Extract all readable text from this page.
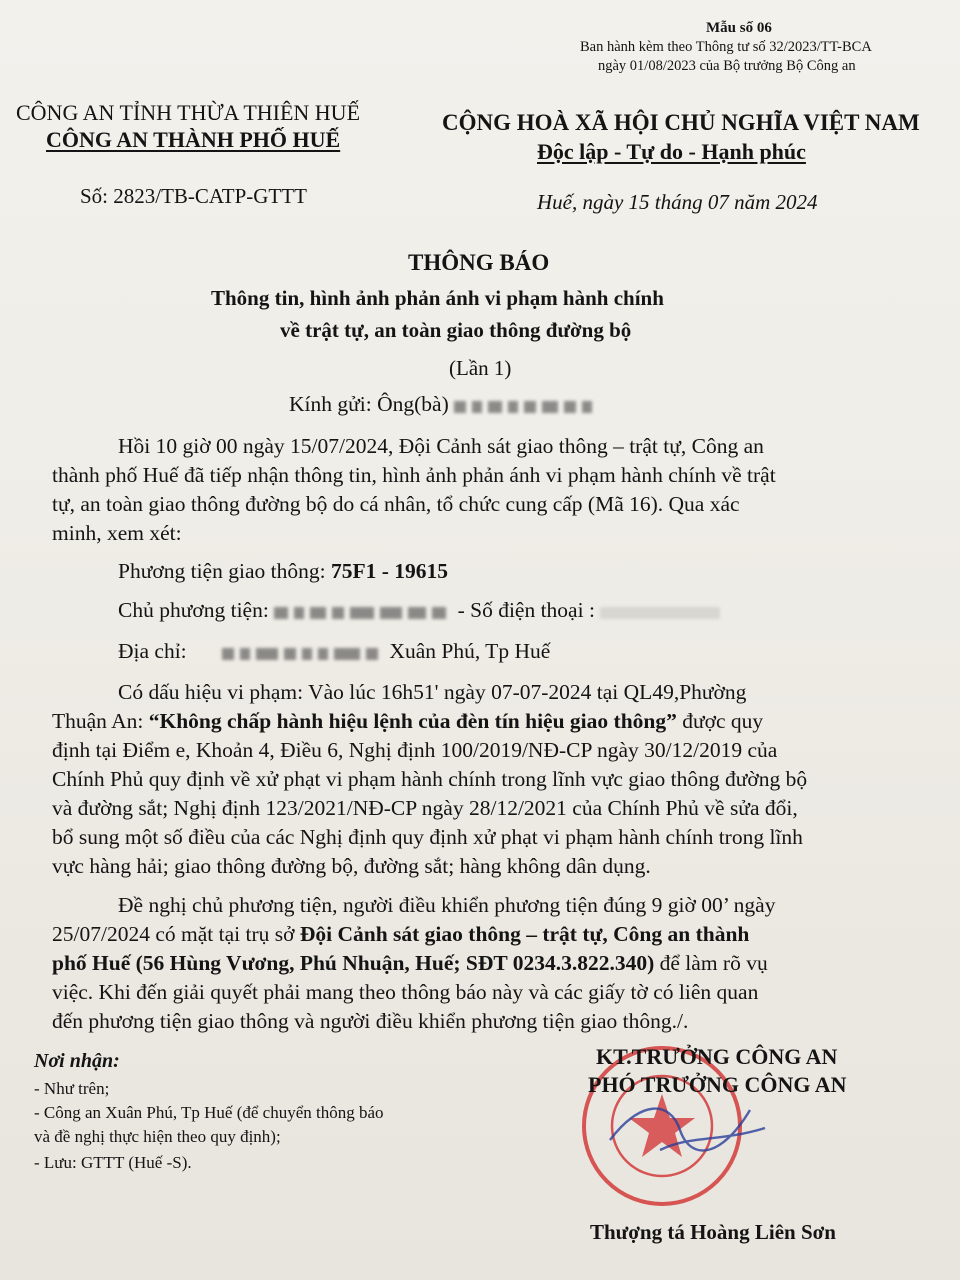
Mẫu số 06
Ban hành kèm theo Thông tư số 32/2023/TT-BCA
ngày 01/08/2023 của Bộ trưởng Bộ Công an
CÔNG AN TỈNH THỪA THIÊN HUẾ
CÔNG AN THÀNH PHỐ HUẾ
Số: 2823/TB-CATP-GTTT
CỘNG HOÀ XÃ HỘI CHỦ NGHĨA VIỆT NAM
Độc lập - Tự do - Hạnh phúc
Huế, ngày 15 tháng 07 năm 2024
THÔNG BÁO
Thông tin, hình ảnh phản ánh vi phạm hành chính
về trật tự, an toàn giao thông đường bộ
(Lần 1)
Kính gửi: Ông(bà)
Hồi 10 giờ 00 ngày 15/07/2024, Đội Cảnh sát giao thông – trật tự, Công an
thành phố Huế đã tiếp nhận thông tin, hình ảnh phản ánh vi phạm hành chính về trật
tự, an toàn giao thông đường bộ do cá nhân, tổ chức cung cấp (Mã 16). Qua xác
minh, xem xét:
Phương tiện giao thông: 75F1 - 19615
Chủ phương tiện:	- Số điện thoại :
Địa chỉ:	Xuân Phú, Tp Huế
Có dấu hiệu vi phạm: Vào lúc 16h51' ngày 07-07-2024 tại QL49,Phường
Thuận An: “Không chấp hành hiệu lệnh của đèn tín hiệu giao thông” được quy
định tại Điểm e, Khoản 4, Điều 6, Nghị định 100/2019/NĐ-CP ngày 30/12/2019 của
Chính Phủ quy định về xử phạt vi phạm hành chính trong lĩnh vực giao thông đường bộ
và đường sắt; Nghị định 123/2021/NĐ-CP ngày 28/12/2021 của Chính Phủ về sửa đổi,
bổ sung một số điều của các Nghị định quy định xử phạt vi phạm hành chính trong lĩnh
vực hàng hải; giao thông đường bộ, đường sắt; hàng không dân dụng.
Đề nghị chủ phương tiện, người điều khiển phương tiện đúng 9 giờ 00’ ngày
25/07/2024 có mặt tại trụ sở Đội Cảnh sát giao thông – trật tự, Công an thành
phố Huế (56 Hùng Vương, Phú Nhuận, Huế; SĐT 0234.3.822.340) để làm rõ vụ
việc. Khi đến giải quyết phải mang theo thông báo này và các giấy tờ có liên quan
đến phương tiện giao thông và người điều khiển phương tiện giao thông./.
Nơi nhận:
- Như trên;
- Công an Xuân Phú, Tp Huế (để chuyển thông báo
và đề nghị thực hiện theo quy định);
- Lưu: GTTT (Huế -S).
KT.TRƯỞNG CÔNG AN
PHÓ TRƯỞNG CÔNG AN
Thượng tá Hoàng Liên Sơn
